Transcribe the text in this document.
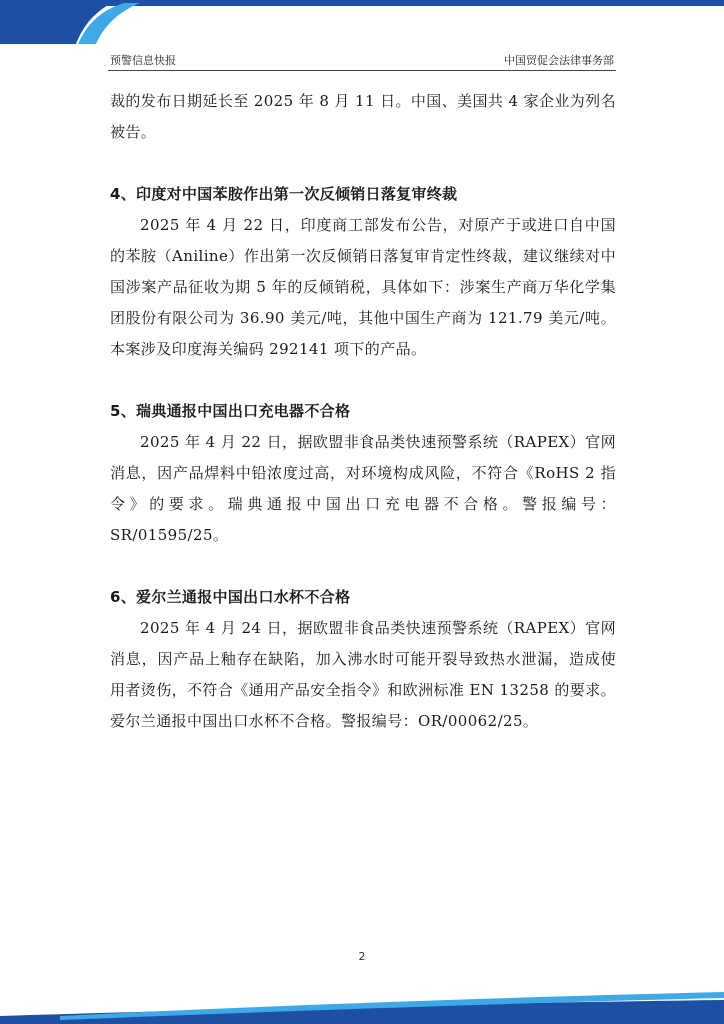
预警信息快报	中国贸促会法律事务部

裁的发布日期延长至 2025 年 8 月 11 日。中国、美国共 4 家企业为列名被告。

4、印度对中国苯胺作出第一次反倾销日落复审终裁

2025 年 4 月 22 日，印度商工部发布公告，对原产于或进口自中国的苯胺（Aniline）作出第一次反倾销日落复审肯定性终裁，建议继续对中国涉案产品征收为期 5 年的反倾销税，具体如下：涉案生产商万华化学集团股份有限公司为 36.90 美元/吨，其他中国生产商为 121.79 美元/吨。本案涉及印度海关编码 292141 项下的产品。

5、瑞典通报中国出口充电器不合格

2025 年 4 月 22 日，据欧盟非食品类快速预警系统（RAPEX）官网消息，因产品焊料中铅浓度过高，对环境构成风险，不符合《RoHS 2 指令》的要求。瑞典通报中国出口充电器不合格。警报编号：SR/01595/25。

6、爱尔兰通报中国出口水杯不合格

2025 年 4 月 24 日，据欧盟非食品类快速预警系统（RAPEX）官网消息，因产品上釉存在缺陷，加入沸水时可能开裂导致热水泄漏，造成使用者烫伤，不符合《通用产品安全指令》和欧洲标准 EN 13258 的要求。爱尔兰通报中国出口水杯不合格。警报编号：OR/00062/25。

2
